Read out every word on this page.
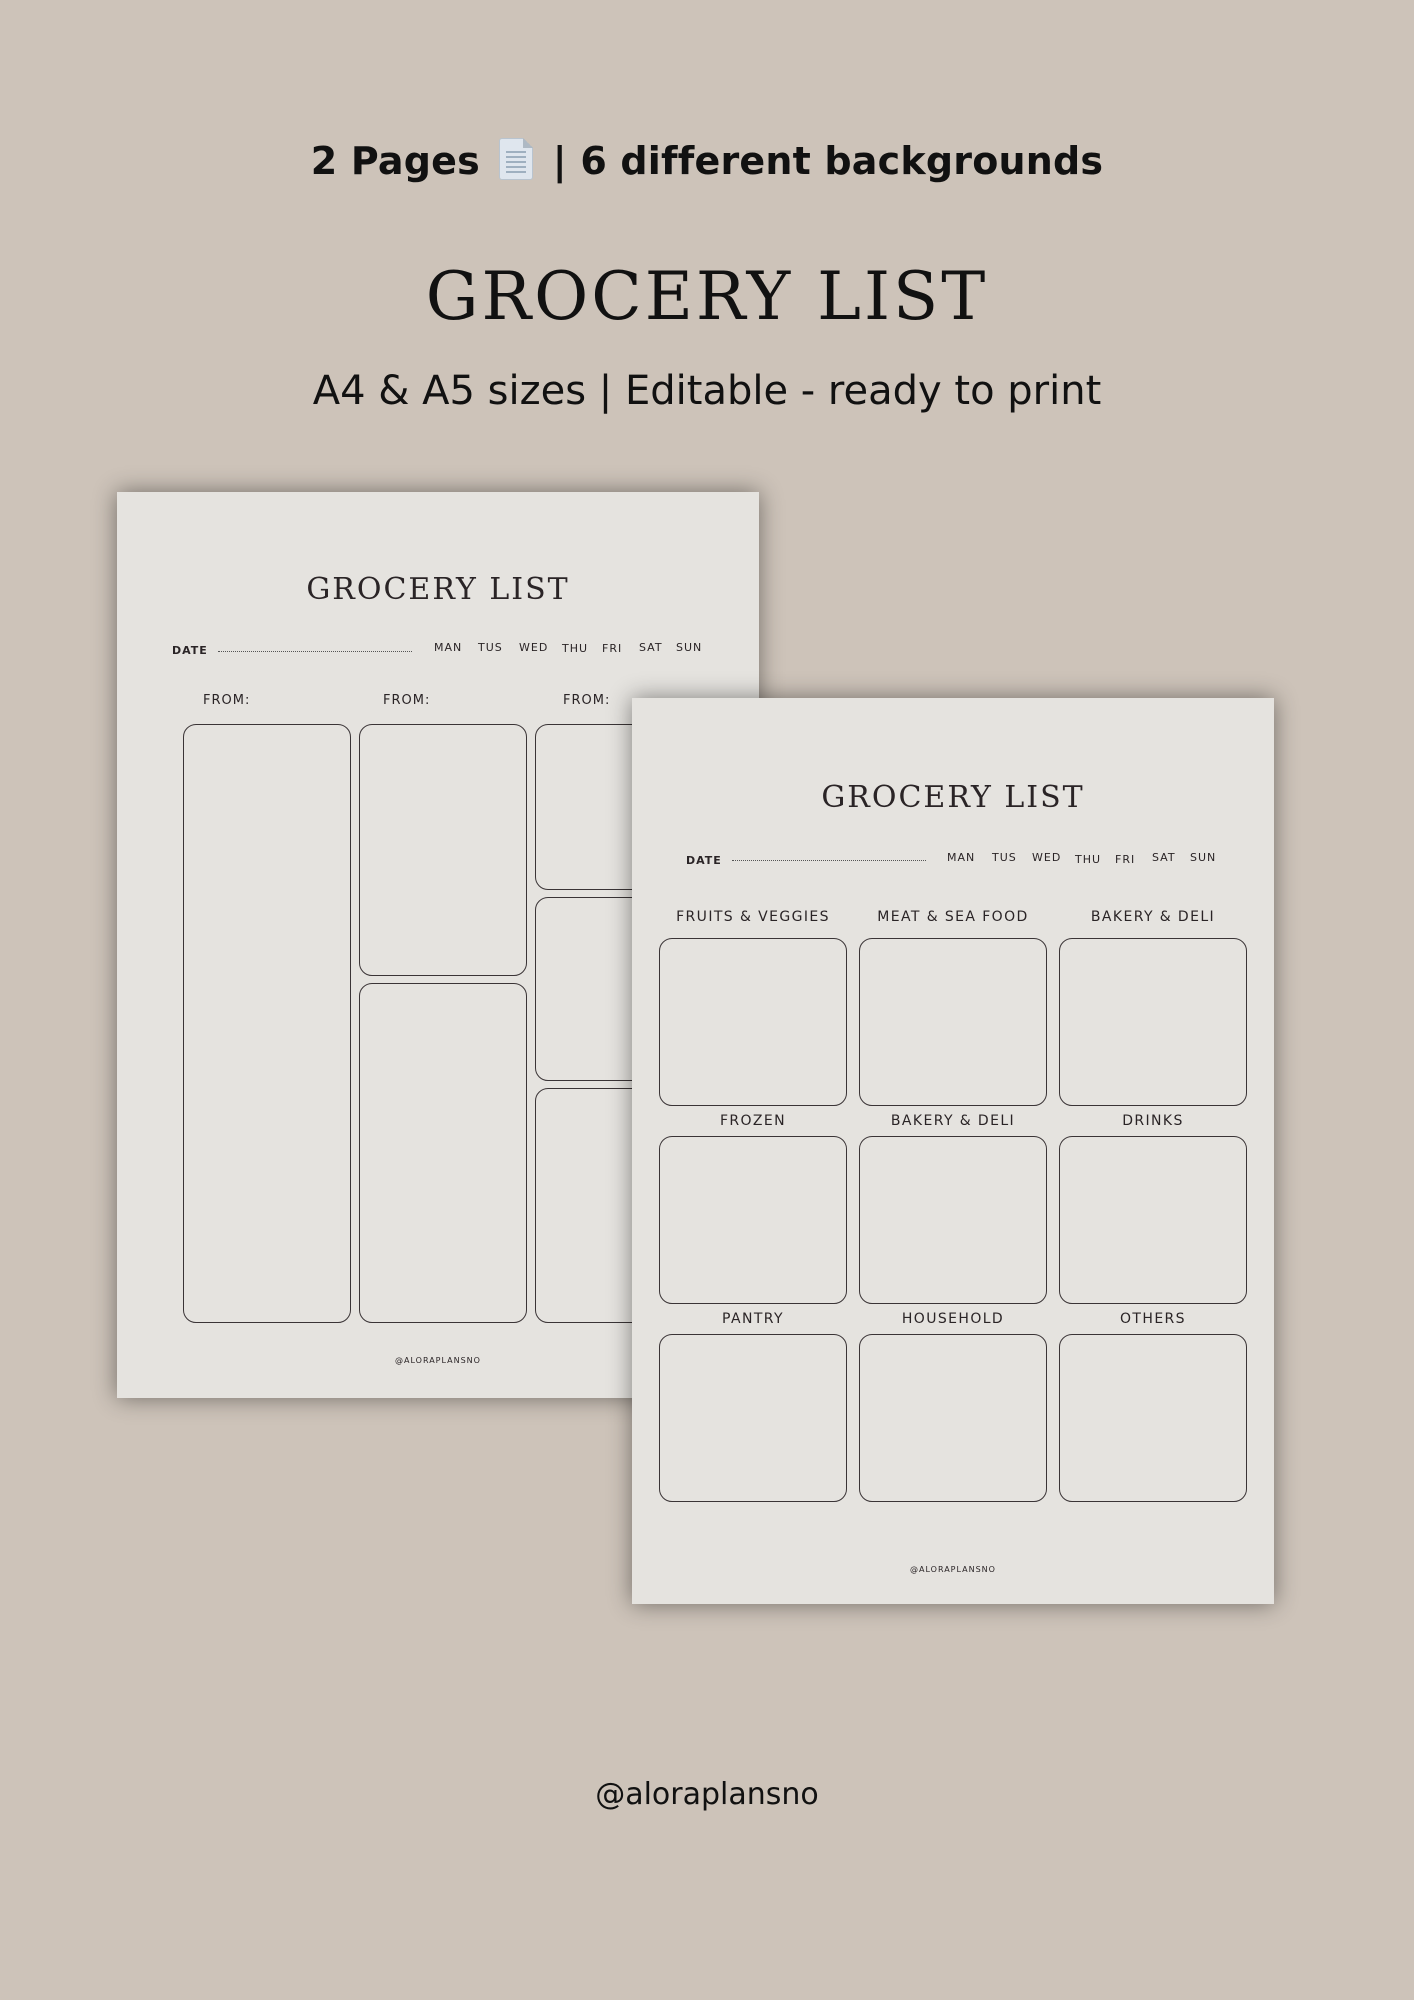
2 Pages | 6 different backgrounds
GROCERY LIST
A4 & A5 sizes | Editable - ready to print
GROCERY LIST
DATE	MAN TUS WED THU FRI SAT SUN
FROM:	FROM:	FROM:
@ALORAPLANSNO
GROCERY LIST
DATE	MAN TUS WED THU FRI SAT SUN
FRUITS & VEGGIES	MEAT & SEA FOOD	BAKERY & DELI
FROZEN	BAKERY & DELI	DRINKS
PANTRY	HOUSEHOLD	OTHERS
@ALORAPLANSNO
@aloraplansno
